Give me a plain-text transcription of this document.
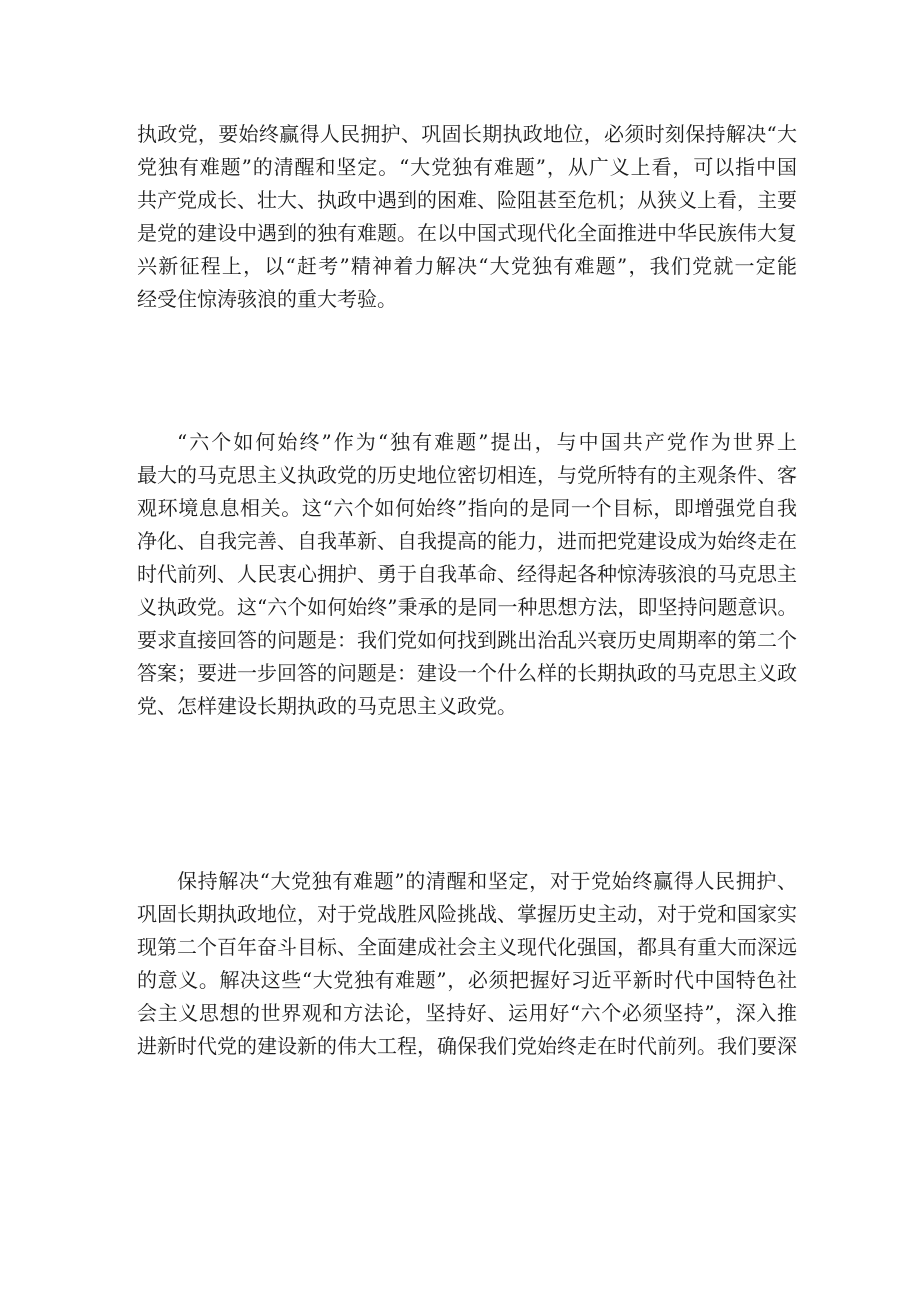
执政党，要始终赢得人民拥护、巩固长期执政地位，必须时刻保持解决“大
党独有难题”的清醒和坚定。“大党独有难题”，从广义上看，可以指中国
共产党成长、壮大、执政中遇到的困难、险阻甚至危机；从狭义上看，主要
是党的建设中遇到的独有难题。在以中国式现代化全面推进中华民族伟大复
兴新征程上，以“赶考”精神着力解决“大党独有难题”，我们党就一定能
经受住惊涛骇浪的重大考验。
“六个如何始终”作为“独有难题”提出，与中国共产党作为世界上
最大的马克思主义执政党的历史地位密切相连，与党所特有的主观条件、客
观环境息息相关。这“六个如何始终”指向的是同一个目标，即增强党自我
净化、自我完善、自我革新、自我提高的能力，进而把党建设成为始终走在
时代前列、人民衷心拥护、勇于自我革命、经得起各种惊涛骇浪的马克思主
义执政党。这“六个如何始终”秉承的是同一种思想方法，即坚持问题意识。
要求直接回答的问题是：我们党如何找到跳出治乱兴衰历史周期率的第二个
答案；要进一步回答的问题是：建设一个什么样的长期执政的马克思主义政
党、怎样建设长期执政的马克思主义政党。
保持解决“大党独有难题”的清醒和坚定，对于党始终赢得人民拥护、
巩固长期执政地位，对于党战胜风险挑战、掌握历史主动，对于党和国家实
现第二个百年奋斗目标、全面建成社会主义现代化强国，都具有重大而深远
的意义。解决这些“大党独有难题”，必须把握好习近平新时代中国特色社
会主义思想的世界观和方法论，坚持好、运用好“六个必须坚持”，深入推
进新时代党的建设新的伟大工程，确保我们党始终走在时代前列。我们要深
